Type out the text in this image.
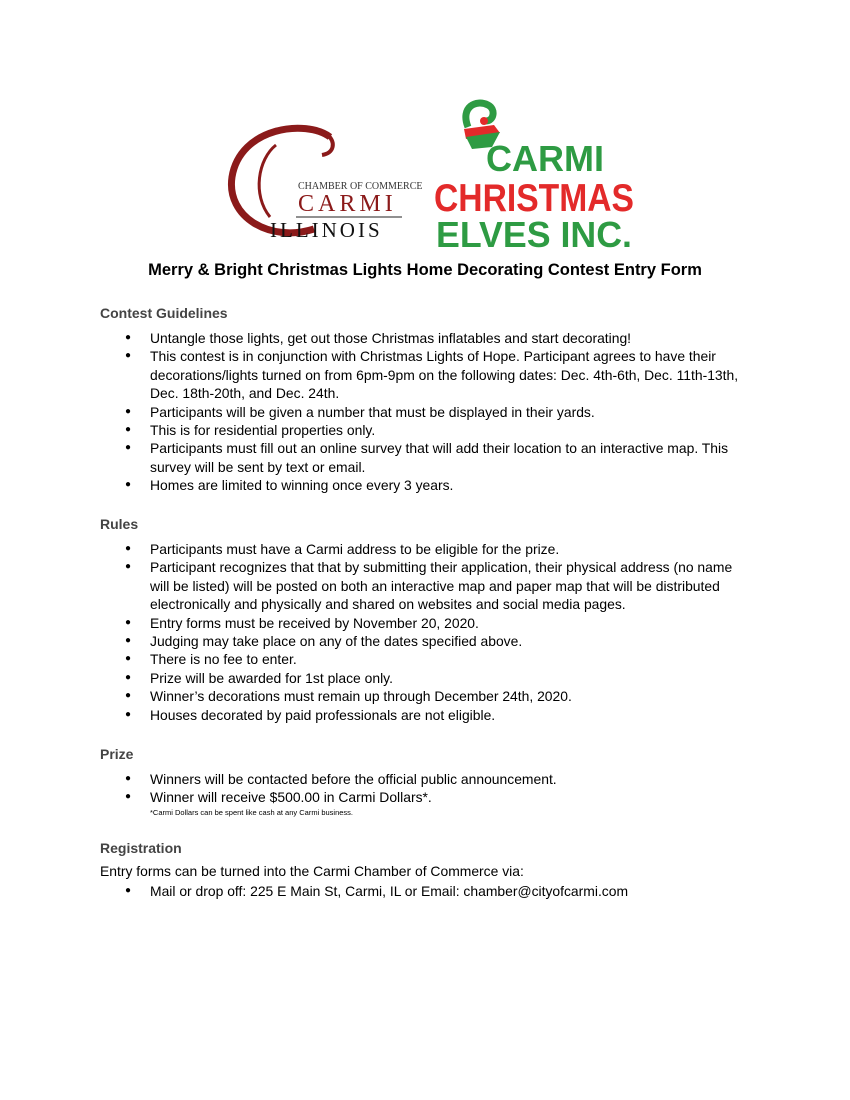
CHAMBER OF COMMERCE
CARMI
ILLINOIS
CARMI
CHRISTMAS
ELVES INC.
Merry & Bright Christmas Lights Home Decorating Contest Entry Form
Contest Guidelines
● Untangle those lights, get out those Christmas inflatables and start decorating!
● This contest is in conjunction with Christmas Lights of Hope. Participant agrees to have their decorations/lights turned on from 6pm-9pm on the following dates: Dec. 4th-6th, Dec. 11th-13th, Dec. 18th-20th, and Dec. 24th.
● Participants will be given a number that must be displayed in their yards.
● This is for residential properties only.
● Participants must fill out an online survey that will add their location to an interactive map. This survey will be sent by text or email.
● Homes are limited to winning once every 3 years.
Rules
● Participants must have a Carmi address to be eligible for the prize.
● Participant recognizes that that by submitting their application, their physical address (no name will be listed) will be posted on both an interactive map and paper map that will be distributed electronically and physically and shared on websites and social media pages.
● Entry forms must be received by November 20, 2020.
● Judging may take place on any of the dates specified above.
● There is no fee to enter.
● Prize will be awarded for 1st place only.
● Winner’s decorations must remain up through December 24th, 2020.
● Houses decorated by paid professionals are not eligible.
Prize
● Winners will be contacted before the official public announcement.
● Winner will receive $500.00 in Carmi Dollars*.
*Carmi Dollars can be spent like cash at any Carmi business.
Registration
Entry forms can be turned into the Carmi Chamber of Commerce via:
● Mail or drop off: 225 E Main St, Carmi, IL or Email: chamber@cityofcarmi.com
